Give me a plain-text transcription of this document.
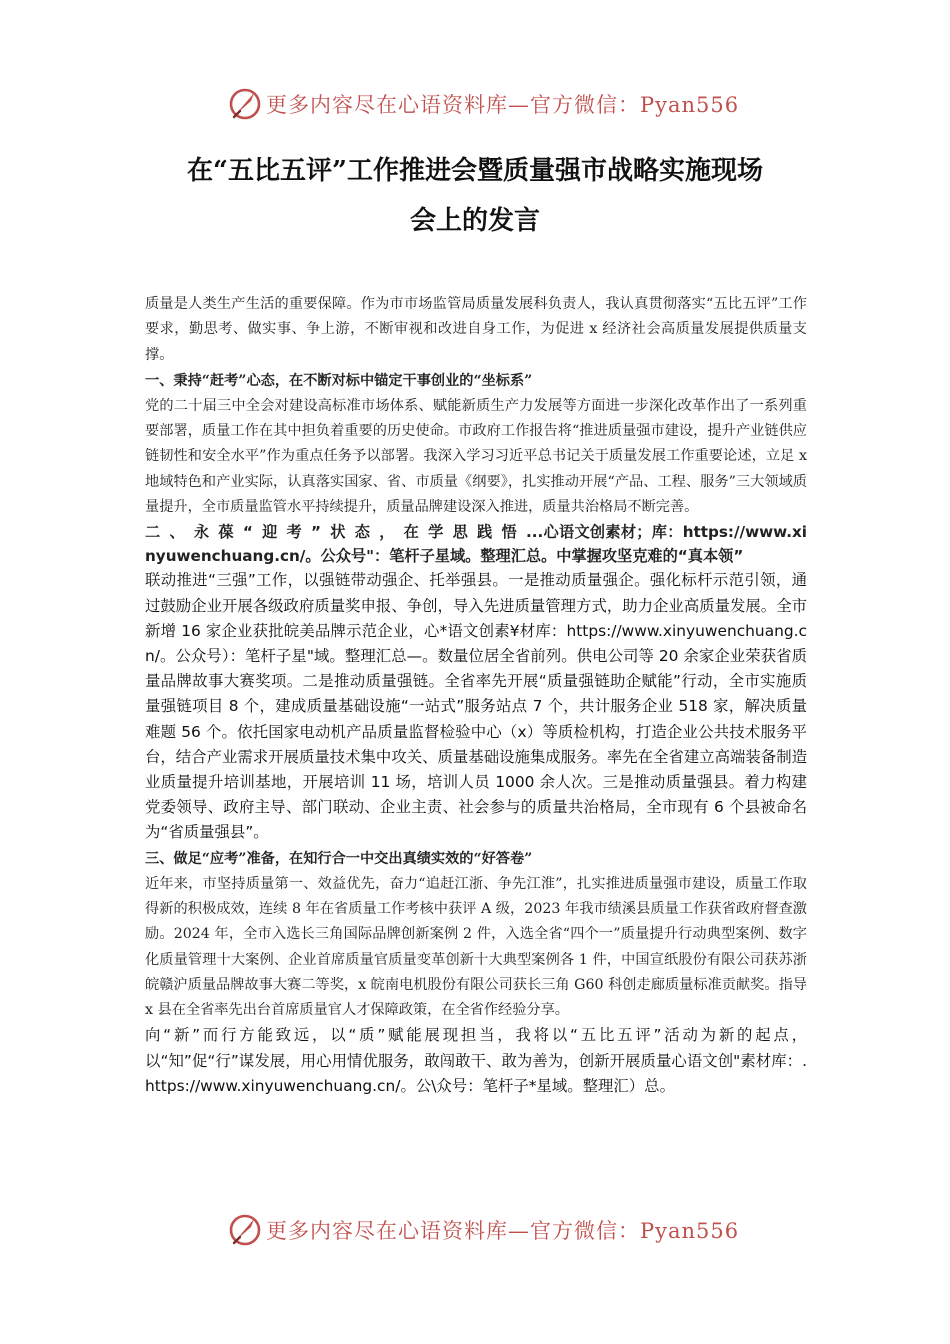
更多内容尽在心语资料库—官方微信：Pyan556
在“五比五评”工作推进会暨质量强市战略实施现场
会上的发言

质量是人类生产生活的重要保障。作为市市场监管局质量发展科负责人，我认真贯彻落实“五比五评”工作要求，勤思考、做实事、争上游，不断审视和改进自身工作，为促进 x 经济社会高质量发展提供质量支撑。

一、秉持“赶考”心态，在不断对标中锚定干事创业的“坐标系”

党的二十届三中全会对建设高标准市场体系、赋能新质生产力发展等方面进一步深化改革作出了一系列重要部署，质量工作在其中担负着重要的历史使命。市政府工作报告将“推进质量强市建设，提升产业链供应链韧性和安全水平”作为重点任务予以部署。我深入学习习近平总书记关于质量发展工作重要论述，立足 x 地域特色和产业实际，认真落实国家、省、市质量《纲要》，扎实推动开展“产品、工程、服务”三大领域质量提升，全市质量监管水平持续提升，质量品牌建设深入推进，质量共治格局不断完善。

二、永葆“迎考”状态，在学思践悟...心语文创素材；库：https://www.xinyuwenchuang.cn/。公众号"：笔杆子星域。整理汇总。中掌握攻坚克难的“真本领”

联动推进“三强”工作，以强链带动强企、托举强县。一是推动质量强企。强化标杆示范引领，通过鼓励企业开展各级政府质量奖申报、争创，导入先进质量管理方式，助力企业高质量发展。全市新增 16 家企业获批皖美品牌示范企业，心*语文创素¥材库：https://www.xinyuwenchuang.cn/。公众号）：笔杆子星"域。整理汇总—。数量位居全省前列。供电公司等 20 余家企业荣获省质量品牌故事大赛奖项。二是推动质量强链。全省率先开展“质量强链助企赋能”行动，全市实施质量强链项目 8 个，建成质量基础设施“一站式”服务站点 7 个，共计服务企业 518 家，解决质量难题 56 个。依托国家电动机产品质量监督检验中心（x）等质检机构，打造企业公共技术服务平台，结合产业需求开展质量技术集中攻关、质量基础设施集成服务。率先在全省建立高端装备制造业质量提升培训基地，开展培训 11 场，培训人员 1000 余人次。三是推动质量强县。着力构建党委领导、政府主导、部门联动、企业主责、社会参与的质量共治格局，全市现有 6 个县被命名为“省质量强县”。

三、做足“应考”准备，在知行合一中交出真绩实效的“好答卷”

近年来，市坚持质量第一、效益优先，奋力“追赶江浙、争先江淮”，扎实推进质量强市建设，质量工作取得新的积极成效，连续 8 年在省质量工作考核中获评 A 级，2023 年我市绩溪县质量工作获省政府督查激励。2024 年，全市入选长三角国际品牌创新案例 2 件，入选全省“四个一”质量提升行动典型案例、数字化质量管理十大案例、企业首席质量官质量变革创新十大典型案例各 1 件，中国宣纸股份有限公司获苏浙皖赣沪质量品牌故事大赛二等奖，x 皖南电机股份有限公司获长三角 G60 科创走廊质量标准贡献奖。指导 x 县在全省率先出台首席质量官人才保障政策，在全省作经验分享。

向“新”而行方能致远，以“质”赋能展现担当，我将以“五比五评”活动为新的起点，以“知”促“行”谋发展，用心用情优服务，敢闯敢干、敢为善为，创新开展质量心语文创"素材库：.https://www.xinyuwenchuang.cn/。公\众号：笔杆子*星域。整理汇）总。

更多内容尽在心语资料库—官方微信：Pyan556
